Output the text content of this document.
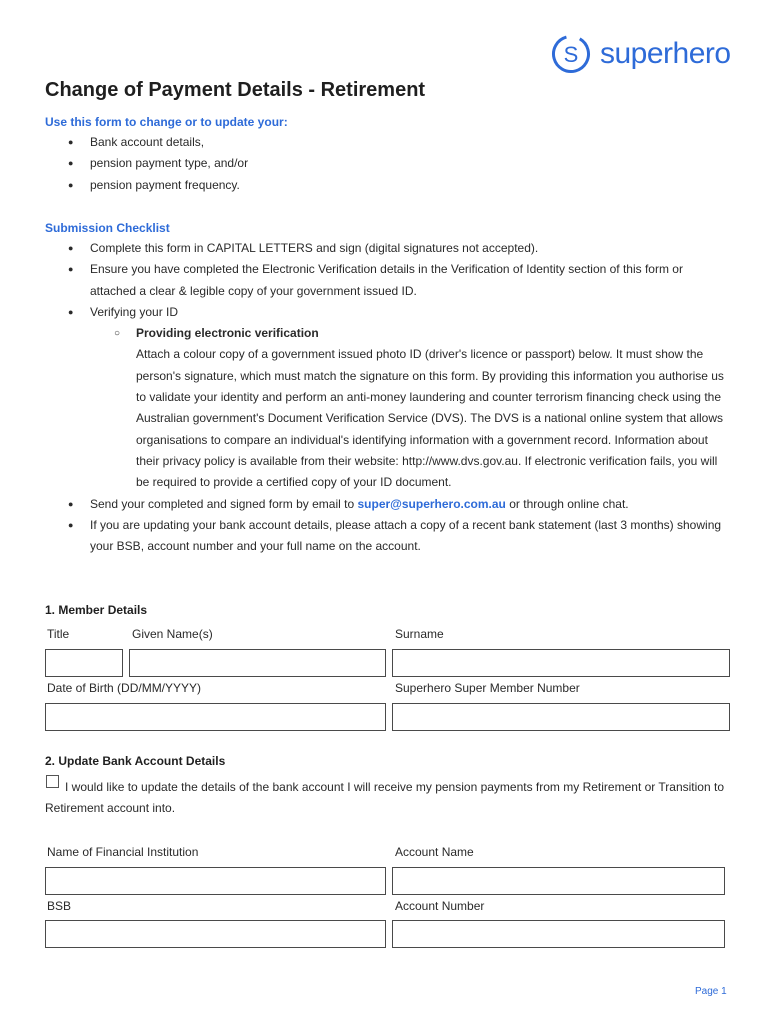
S superhero
Change of Payment Details - Retirement
Use this form to change or to update your:
● Bank account details,
● pension payment type, and/or
● pension payment frequency.
Submission Checklist
● Complete this form in CAPITAL LETTERS and sign (digital signatures not accepted).
● Ensure you have completed the Electronic Verification details in the Verification of Identity section of this form or attached a clear & legible copy of your government issued ID.
● Verifying your ID
○ Providing electronic verification
Attach a colour copy of a government issued photo ID (driver's licence or passport) below. It must show the person's signature, which must match the signature on this form. By providing this information you authorise us to validate your identity and perform an anti-money laundering and counter terrorism financing check using the Australian government's Document Verification Service (DVS). The DVS is a national online system that allows organisations to compare an individual's identifying information with a government record. Information about their privacy policy is available from their website: http://www.dvs.gov.au. If electronic verification fails, you will be required to provide a certified copy of your ID document.
● Send your completed and signed form by email to super@superhero.com.au or through online chat.
● If you are updating your bank account details, please attach a copy of a recent bank statement (last 3 months) showing your BSB, account number and your full name on the account.
1. Member Details
Title	Given Name(s)	Surname
Date of Birth (DD/MM/YYYY)	Superhero Super Member Number
2. Update Bank Account Details
I would like to update the details of the bank account I will receive my pension payments from my Retirement or Transition to Retirement account into.
Name of Financial Institution	Account Name
BSB	Account Number
Page 1
